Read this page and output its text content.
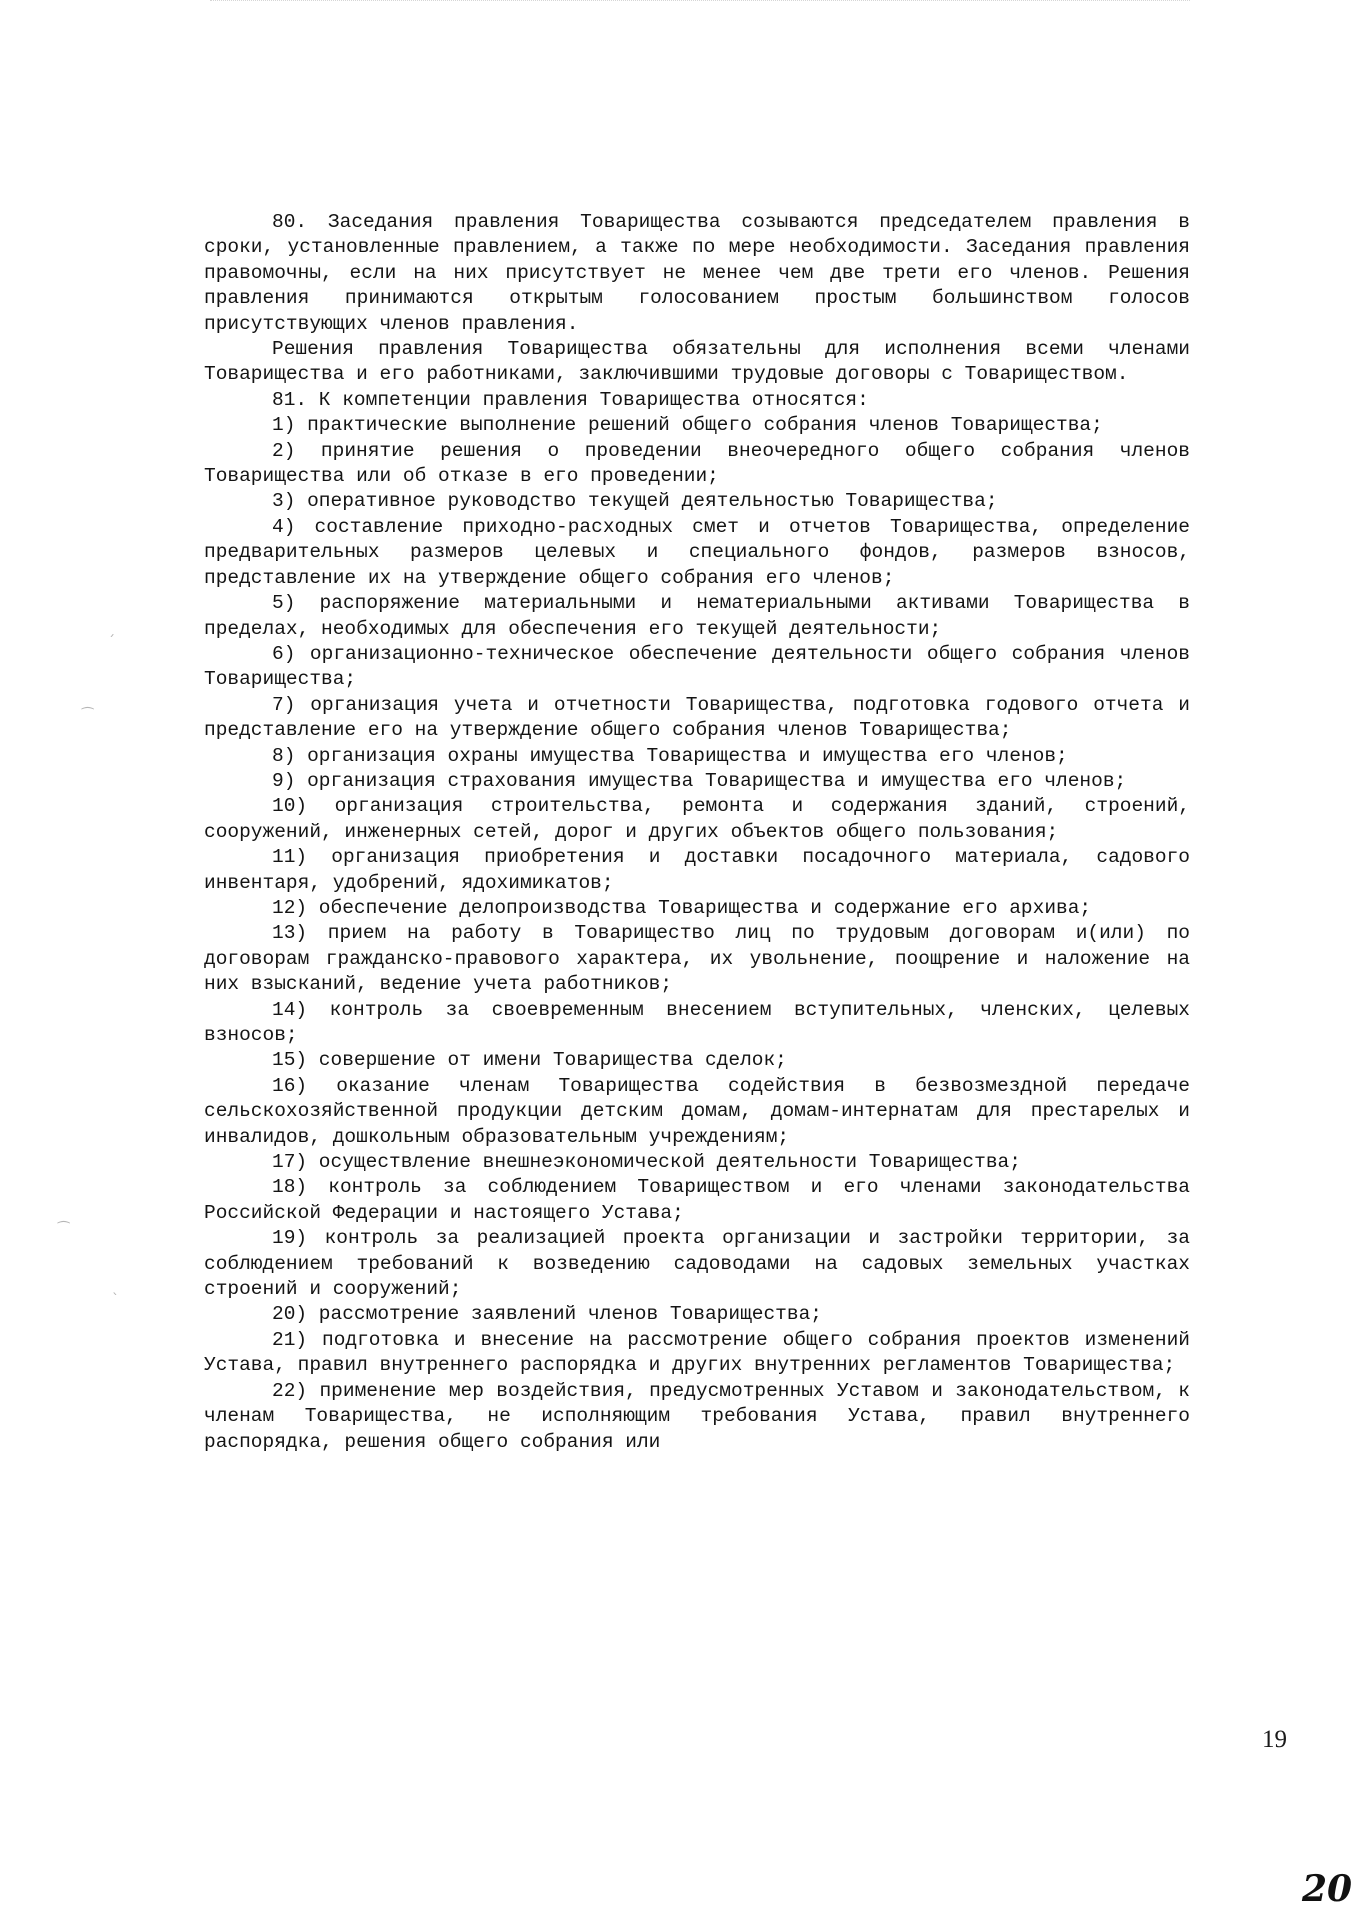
ˊ
⁀
⁀
ˋ

80. Заседания правления Товарищества созываются председателем правления в сроки, установленные правлением, а также по мере необходимости. Заседания правления правомочны, если на них присутствует не менее чем две трети его членов. Решения правления принимаются открытым голосованием простым большинством голосов присутствующих членов правления.

Решения правления Товарищества обязательны для исполнения всеми членами Товарищества и его работниками, заключившими трудовые договоры с Товариществом.

81. К компетенции правления Товарищества относятся:

1) практические выполнение решений общего собрания членов Товарищества;

2) принятие решения о проведении внеочередного общего собрания членов Товарищества или об отказе в его проведении;

3) оперативное руководство текущей деятельностью Товарищества;

4) составление приходно-расходных смет и отчетов Товарищества, определение предварительных размеров целевых и специального фондов, размеров взносов, представление их на утверждение общего собрания его членов;

5) распоряжение материальными и нематериальными активами Товарищества в пределах, необходимых для обеспечения его текущей деятельности;

6) организационно-техническое обеспечение деятельности общего собрания членов Товарищества;

7) организация учета и отчетности Товарищества, подготовка годового отчета и представление его на утверждение общего собрания членов Товарищества;

8) организация охраны имущества Товарищества и имущества его членов;

9) организация страхования имущества Товарищества и имущества его членов;

10) организация строительства, ремонта и содержания зданий, строений, сооружений, инженерных сетей, дорог и других объектов общего пользования;

11) организация приобретения и доставки посадочного материала, садового инвентаря, удобрений, ядохимикатов;

12) обеспечение делопроизводства Товарищества и содержание его архива;

13) прием на работу в Товарищество лиц по трудовым договорам и(или) по договорам гражданско-правового характера, их увольнение, поощрение и наложение на них взысканий, ведение учета работников;

14) контроль за своевременным внесением вступительных, членских, целевых взносов;

15) совершение от имени Товарищества сделок;

16) оказание членам Товарищества содействия в безвозмездной передаче сельскохозяйственной продукции детским домам, домам-интернатам для престарелых и инвалидов, дошкольным образовательным учреждениям;

17) осуществление внешнеэкономической деятельности Товарищества;

18) контроль за соблюдением Товариществом и его членами законодательства Российской Федерации и настоящего Устава;

19) контроль за реализацией проекта организации и застройки территории, за соблюдением требований к возведению садоводами на садовых земельных участках строений и сооружений;

20) рассмотрение заявлений членов Товарищества;

21) подготовка и внесение на рассмотрение общего собрания проектов изменений Устава, правил внутреннего распорядка и других внутренних регламентов Товарищества;

22) применение мер воздействия, предусмотренных Уставом и законодательством, к членам Товарищества, не исполняющим требования Устава, правил внутреннего распорядка, решения общего собрания или

19
20
